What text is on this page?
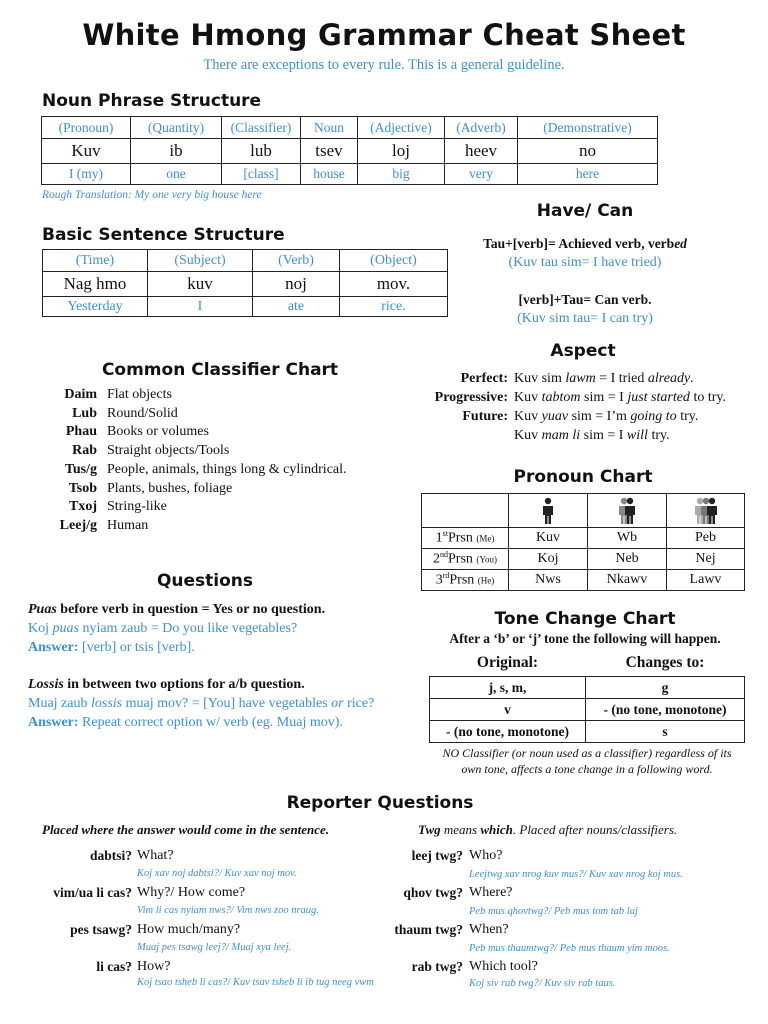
White Hmong Grammar Cheat Sheet
There are exceptions to every rule. This is a general guideline.
Noun Phrase Structure
(Pronoun)	(Quantity)	(Classifier)	Noun	(Adjective)	(Adverb)	(Demonstrative)
Kuv	ib	lub	tsev	loj	heev	no
I (my)	one	[class]	house	big	very	here
Rough Translation: My one very big house here
Basic Sentence Structure
(Time)	(Subject)	(Verb)	(Object)
Nag hmo	kuv	noj	mov.
Yesterday	I	ate	rice.
Have/ Can
Tau+[verb]= Achieved verb, verbed
(Kuv tau sim= I have tried)
[verb]+Tau= Can verb.
(Kuv sim tau= I can try)
Aspect
Perfect: Kuv sim lawm = I tried already.
Progressive: Kuv tabtom sim = I just started to try.
Future: Kuv yuav sim = I’m going to try.
Kuv mam li sim = I will try.
Common Classifier Chart
Daim Flat objects
Lub Round/Solid
Phau Books or volumes
Rab Straight objects/Tools
Tus/g People, animals, things long & cylindrical.
Tsob Plants, bushes, foliage
Txoj String-like
Leej/g Human
Pronoun Chart

1stPrsn (Me)	Kuv	Wb	Peb
2ndPrsn (You)	Koj	Neb	Nej
3rdPrsn (He)	Nws	Nkawv	Lawv
Questions
Puas before verb in question = Yes or no question.
Koj puas nyiam zaub = Do you like vegetables?
Answer: [verb] or tsis [verb].
Lossis in between two options for a/b question.
Muaj zaub lossis muaj mov? = [You] have vegetables or rice?
Answer: Repeat correct option w/ verb (eg. Muaj mov).
Tone Change Chart
After a ‘b’ or ‘j’ tone the following will happen.
Original:	Changes to:
j, s, m,	g
v	- (no tone, monotone)
- (no tone, monotone)	s
NO Classifier (or noun used as a classifier) regardless of its
own tone, affects a tone change in a following word.
Reporter Questions
Placed where the answer would come in the sentence.	Twg means which. Placed after nouns/classifiers.
dabtsi? What?
Koj xav noj dabtsi?/ Kuv xav noj mov.
vim/ua li cas? Why?/ How come?
Vim li cas nyiam nws?/ Vim nws zoo nraug.
pes tsawg? How much/many?
Muaj pes tsawg leej?/ Muaj xya leej.
li cas? How?
Koj tsao tsheb li cas?/ Kuv tsav tsheb li ib tug neeg vwm
leej twg? Who?
Leejtwg xav nrog kuv mus?/ Kuv xav nrog koj mus.
qhov twg? Where?
Peb mus qhovtwg?/ Peb mus tom tab laj
thaum twg? When?
Peb mus thaumtwg?/ Peb mus thaum yim moos.
rab twg? Which tool?
Koj siv rab twg?/ Kuv siv rab taus.
